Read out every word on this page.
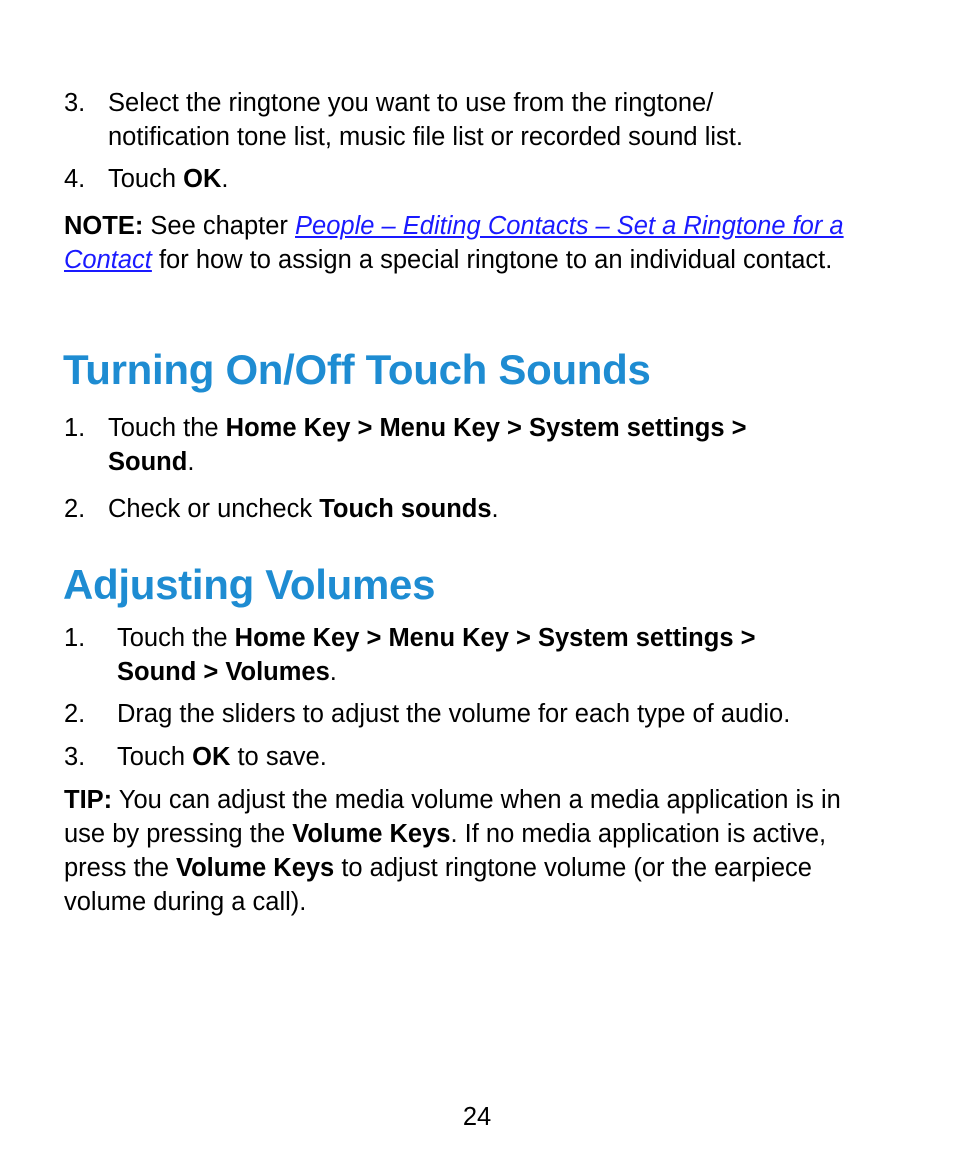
3. Select the ringtone you want to use from the ringtone/
notification tone list, music file list or recorded sound list.
4. Touch OK.
NOTE: See chapter People – Editing Contacts – Set a Ringtone for a Contact for how to assign a special ringtone to an individual contact.
Turning On/Off Touch Sounds
1. Touch the Home Key > Menu Key > System settings > Sound.
2. Check or uncheck Touch sounds.
Adjusting Volumes
1. Touch the Home Key > Menu Key > System settings > Sound > Volumes.
2. Drag the sliders to adjust the volume for each type of audio.
3. Touch OK to save.
TIP: You can adjust the media volume when a media application is in use by pressing the Volume Keys. If no media application is active, press the Volume Keys to adjust ringtone volume (or the earpiece volume during a call).
24
